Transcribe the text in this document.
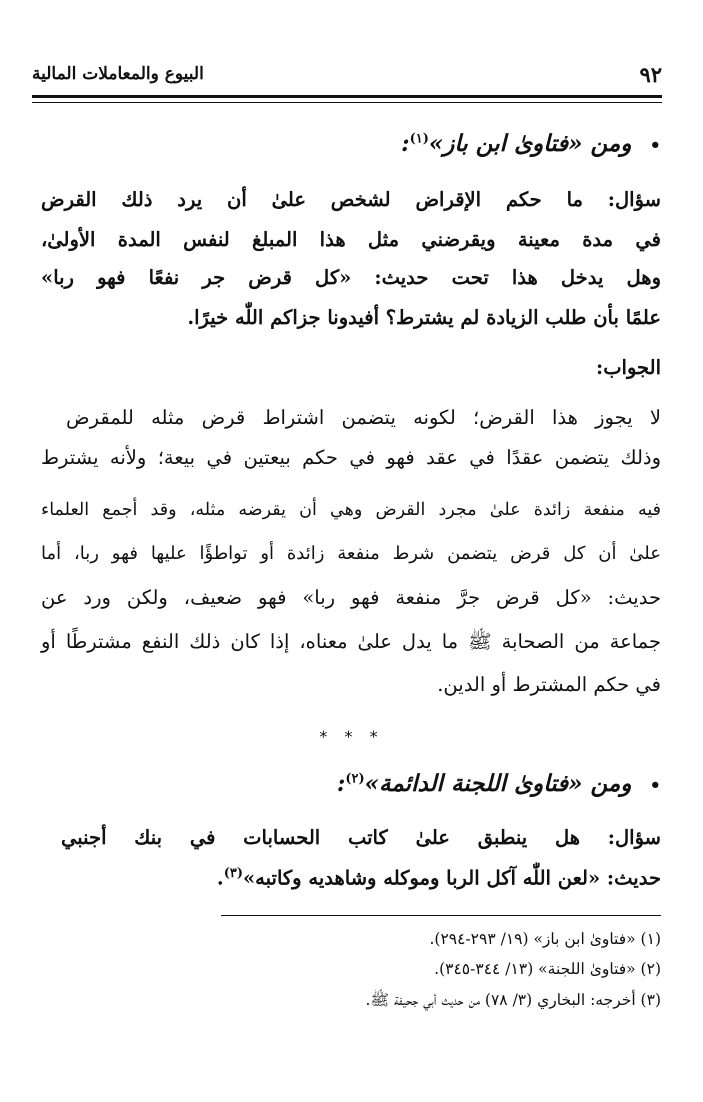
٩٢
البيوع والمعاملات المالية
• ومن «فتاوىٰ ابن باز»$^{(١)}$:
سؤال: ما حكم الإقراض لشخص علىٰ أن يرد ذلك القرض
في مدة معينة ويقرضني مثل هذا المبلغ لنفس المدة الأولىٰ،
وهل يدخل هذا تحت حديث: «كل قرض جر نفعًا فهو ربا»
علمًا بأن طلب الزيادة لم يشترط؟ أفيدونا جزاكم اللّٰه خيرًا.
الجواب:
لا يجوز هذا القرض؛ لكونه يتضمن اشتراط قرض مثله للمقرض
وذلك يتضمن عقدًا في عقد فهو في حكم بيعتين في بيعة؛ ولأنه يشترط
فيه منفعة زائدة علىٰ مجرد القرض وهي أن يقرضه مثله، وقد أجمع العلماء
علىٰ أن كل قرض يتضمن شرط منفعة زائدة أو تواطؤًا عليها فهو ربا، أما
حديث: «كل قرض جرَّ منفعة فهو ربا» فهو ضعيف، ولكن ورد عن
جماعة من الصحابة ﷺ ما يدل علىٰ معناه، إذا كان ذلك النفع مشترطًا أو
في حكم المشترط أو الدين.
* * *
• ومن «فتاوىٰ اللجنة الدائمة»$^{(٢)}$:
سؤال: هل ينطبق علىٰ كاتب الحسابات في بنك أجنبي
حديث: «لعن اللّٰه آكل الربا وموكله وشاهديه وكاتبه»$^{(٣)}$.
(١) «فتاوىٰ ابن باز» (١٩/ ٢٩٣-٢٩٤).
(٢) «فتاوىٰ اللجنة» (١٣/ ٣٤٤-٣٤٥).
(٣) أخرجه: البخاري (٣/ ٧٨) من حديث أبي جحيفة ﷺ.
